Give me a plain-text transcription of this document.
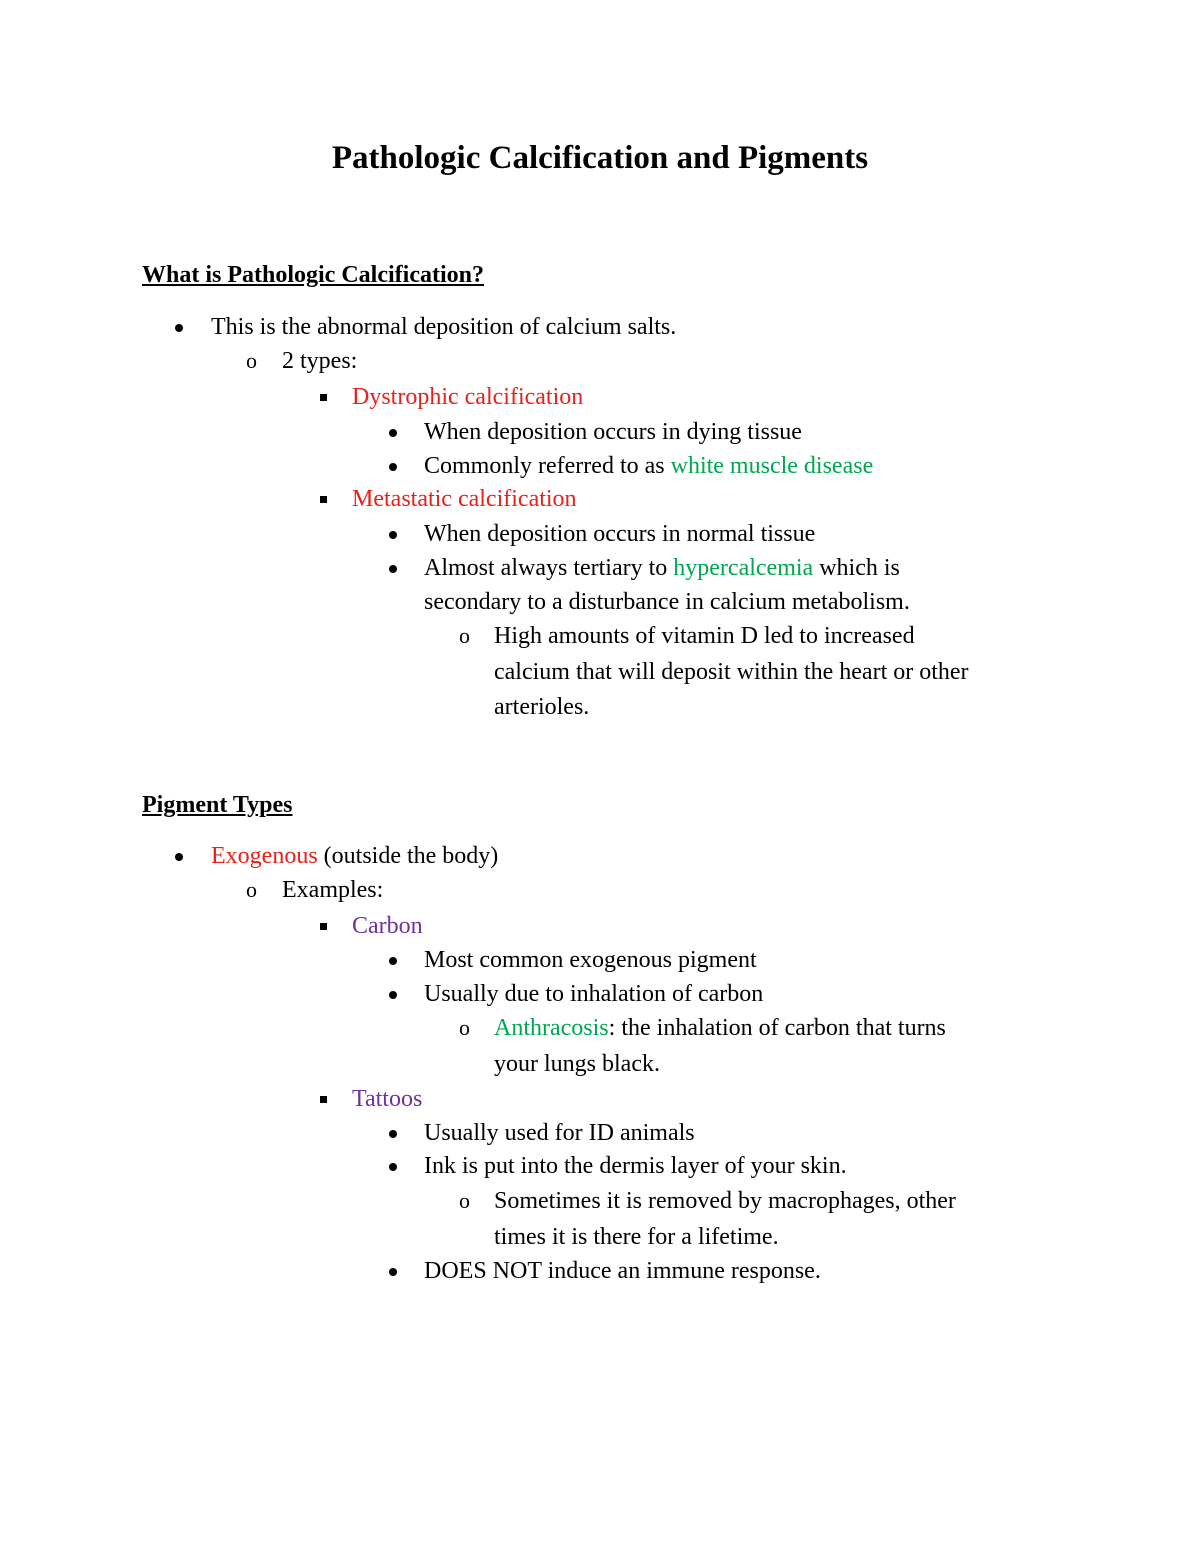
Pathologic Calcification and Pigments
What is Pathologic Calcification?
This is the abnormal deposition of calcium salts.
o 2 types:
Dystrophic calcification
When deposition occurs in dying tissue
Commonly referred to as white muscle disease
Metastatic calcification
When deposition occurs in normal tissue
Almost always tertiary to hypercalcemia which is
secondary to a disturbance in calcium metabolism.
o High amounts of vitamin D led to increased
calcium that will deposit within the heart or other
arterioles.
Pigment Types
Exogenous (outside the body)
o Examples:
Carbon
Most common exogenous pigment
Usually due to inhalation of carbon
o Anthracosis: the inhalation of carbon that turns
your lungs black.
Tattoos
Usually used for ID animals
Ink is put into the dermis layer of your skin.
o Sometimes it is removed by macrophages, other
times it is there for a lifetime.
DOES NOT induce an immune response.
